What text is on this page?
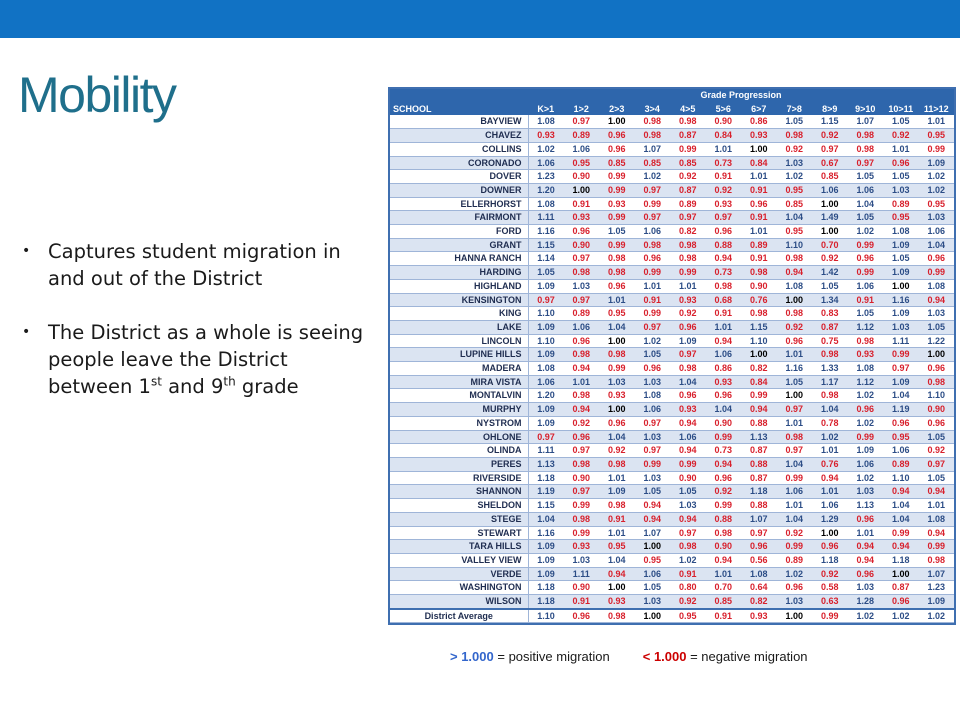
Mobility
• Captures student migration in and out of the District
• The District as a whole is seeing people leave the District between 1st and 9th grade
	Grade Progression											
SCHOOL	K>1	1>2	2>3	3>4	4>5	5>6	6>7	7>8	8>9	9>10	10>11	11>12
BAYVIEW	1.08	0.97	1.00	0.98	0.98	0.90	0.86	1.05	1.15	1.07	1.05	1.01
CHAVEZ	0.93	0.89	0.96	0.98	0.87	0.84	0.93	0.98	0.92	0.98	0.92	0.95
COLLINS	1.02	1.06	0.96	1.07	0.99	1.01	1.00	0.92	0.97	0.98	1.01	0.99
CORONADO	1.06	0.95	0.85	0.85	0.85	0.73	0.84	1.03	0.67	0.97	0.96	1.09
DOVER	1.23	0.90	0.99	1.02	0.92	0.91	1.01	1.02	0.85	1.05	1.05	1.02
DOWNER	1.20	1.00	0.99	0.97	0.87	0.92	0.91	0.95	1.06	1.06	1.03	1.02
ELLERHORST	1.08	0.91	0.93	0.99	0.89	0.93	0.96	0.85	1.00	1.04	0.89	0.95
FAIRMONT	1.11	0.93	0.99	0.97	0.97	0.97	0.91	1.04	1.49	1.05	0.95	1.03
FORD	1.16	0.96	1.05	1.06	0.82	0.96	1.01	0.95	1.00	1.02	1.08	1.06
GRANT	1.15	0.90	0.99	0.98	0.98	0.88	0.89	1.10	0.70	0.99	1.09	1.04
HANNA RANCH	1.14	0.97	0.98	0.96	0.98	0.94	0.91	0.98	0.92	0.96	1.05	0.96
HARDING	1.05	0.98	0.98	0.99	0.99	0.73	0.98	0.94	1.42	0.99	1.09	0.99
HIGHLAND	1.09	1.03	0.96	1.01	1.01	0.98	0.90	1.08	1.05	1.06	1.00	1.08
KENSINGTON	0.97	0.97	1.01	0.91	0.93	0.68	0.76	1.00	1.34	0.91	1.16	0.94
KING	1.10	0.89	0.95	0.99	0.92	0.91	0.98	0.98	0.83	1.05	1.09	1.03
LAKE	1.09	1.06	1.04	0.97	0.96	1.01	1.15	0.92	0.87	1.12	1.03	1.05
LINCOLN	1.10	0.96	1.00	1.02	1.09	0.94	1.10	0.96	0.75	0.98	1.11	1.22
LUPINE HILLS	1.09	0.98	0.98	1.05	0.97	1.06	1.00	1.01	0.98	0.93	0.99	1.00
MADERA	1.08	0.94	0.99	0.96	0.98	0.86	0.82	1.16	1.33	1.08	0.97	0.96
MIRA VISTA	1.06	1.01	1.03	1.03	1.04	0.93	0.84	1.05	1.17	1.12	1.09	0.98
MONTALVIN	1.20	0.98	0.93	1.08	0.96	0.96	0.99	1.00	0.98	1.02	1.04	1.10
MURPHY	1.09	0.94	1.00	1.06	0.93	1.04	0.94	0.97	1.04	0.96	1.19	0.90
NYSTROM	1.09	0.92	0.96	0.97	0.94	0.90	0.88	1.01	0.78	1.02	0.96	0.96
OHLONE	0.97	0.96	1.04	1.03	1.06	0.99	1.13	0.98	1.02	0.99	0.95	1.05
OLINDA	1.11	0.97	0.92	0.97	0.94	0.73	0.87	0.97	1.01	1.09	1.06	0.92
PERES	1.13	0.98	0.98	0.99	0.99	0.94	0.88	1.04	0.76	1.06	0.89	0.97
RIVERSIDE	1.18	0.90	1.01	1.03	0.90	0.96	0.87	0.99	0.94	1.02	1.10	1.05
SHANNON	1.19	0.97	1.09	1.05	1.05	0.92	1.18	1.06	1.01	1.03	0.94	0.94
SHELDON	1.15	0.99	0.98	0.94	1.03	0.99	0.88	1.01	1.06	1.13	1.04	1.01
STEGE	1.04	0.98	0.91	0.94	0.94	0.88	1.07	1.04	1.29	0.96	1.04	1.08
STEWART	1.16	0.99	1.01	1.07	0.97	0.98	0.97	0.92	1.00	1.01	0.99	0.94
TARA HILLS	1.09	0.93	0.95	1.00	0.98	0.90	0.96	0.99	0.96	0.94	0.94	0.99
VALLEY VIEW	1.09	1.03	1.04	0.95	1.02	0.94	0.56	0.89	1.18	0.94	1.18	0.98
VERDE	1.09	1.11	0.94	1.06	0.91	1.01	1.08	1.02	0.92	0.96	1.00	1.07
WASHINGTON	1.18	0.90	1.00	1.05	0.80	0.70	0.64	0.96	0.58	1.03	0.87	1.23
WILSON	1.18	0.91	0.93	1.03	0.92	0.85	0.82	1.03	0.63	1.28	0.96	1.09
District Average	1.10	0.96	0.98	1.00	0.95	0.91	0.93	1.00	0.99	1.02	1.02	1.02
> 1.000 = positive migration	< 1.000 = negative migration
